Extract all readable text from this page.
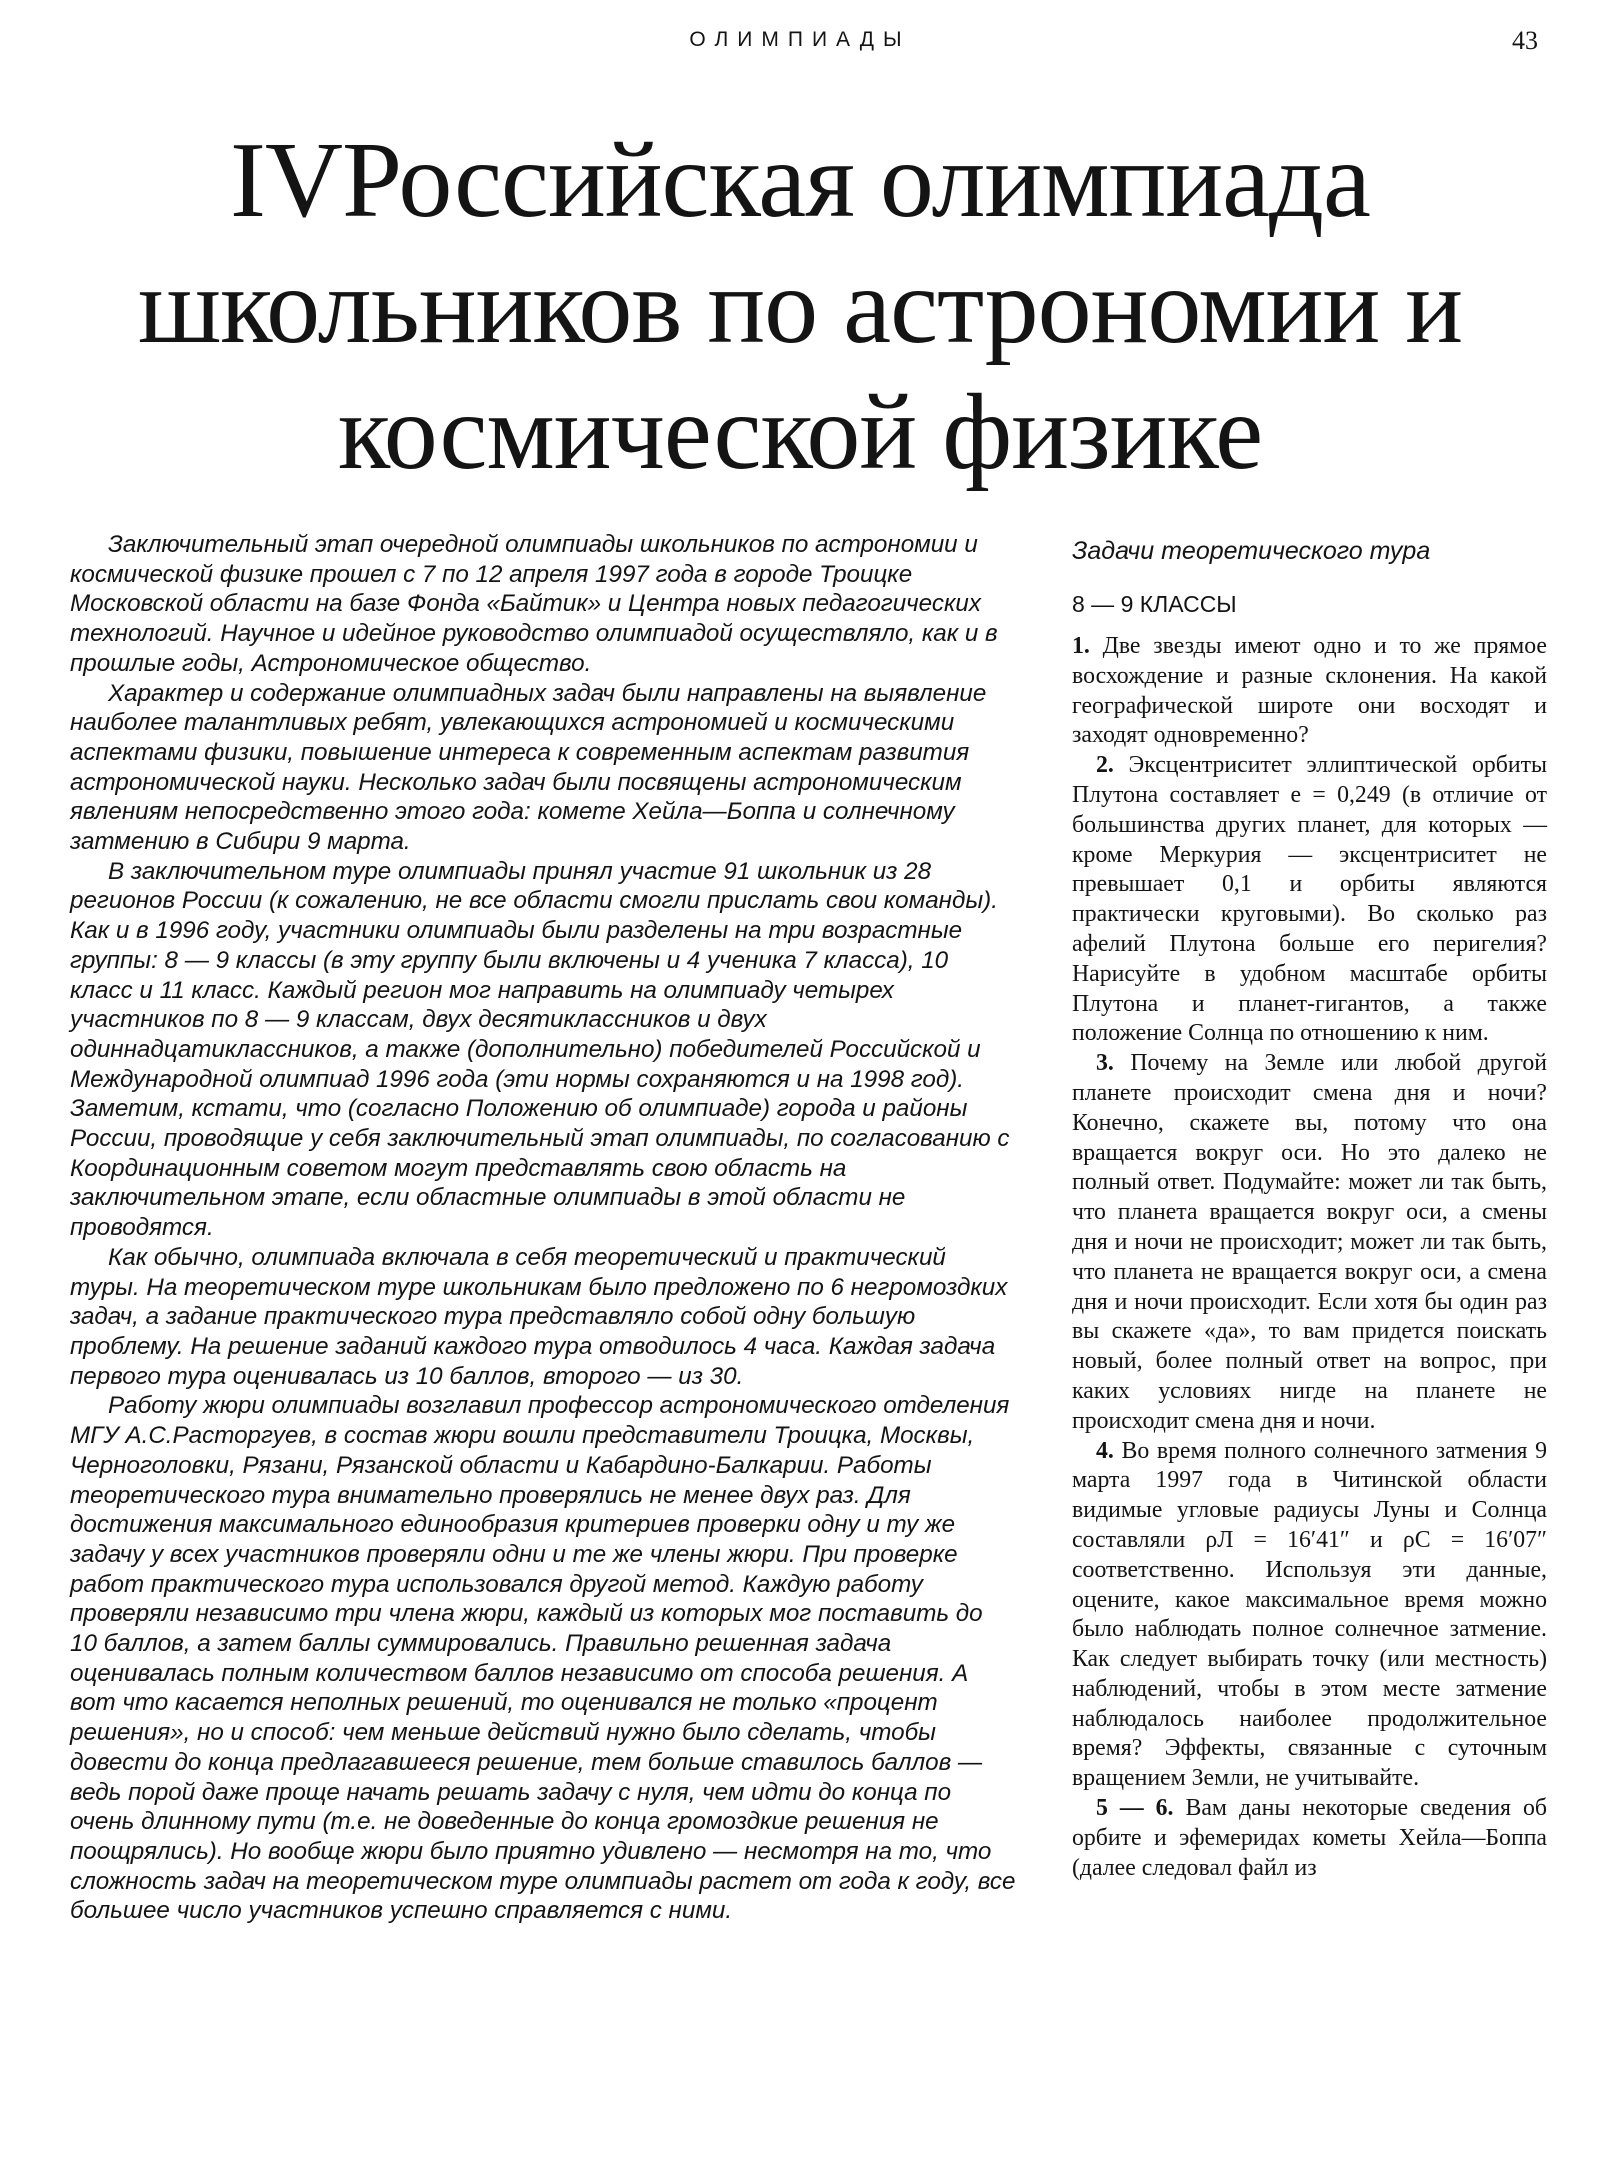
ОЛИМПИАДЫ	43
IVРоссийская олимпиада
школьников по астрономии и
космической физике

Заключительный этап очередной олимпиады школьников по астрономии и космической физике прошел с 7 по 12 апреля 1997 года в городе Троицке Московской области на базе Фонда «Байтик» и Центра новых педагогических технологий. Научное и идейное руководство олимпиадой осуществляло, как и в прошлые годы, Астрономическое общество.

Характер и содержание олимпиадных задач были направлены на выявление наиболее талантливых ребят, увлекающихся астрономией и космическими аспектами физики, повышение интереса к современным аспектам развития астрономической науки. Несколько задач были посвящены астрономическим явлениям непосредственно этого года: комете Хейла—Боппа и солнечному затмению в Сибири 9 марта.

В заключительном туре олимпиады принял участие 91 школьник из 28 регионов России (к сожалению, не все области смогли прислать свои команды). Как и в 1996 году, участники олимпиады были разделены на три возрастные группы: 8 — 9 классы (в эту группу были включены и 4 ученика 7 класса), 10 класс и 11 класс. Каждый регион мог направить на олимпиаду четырех участников по 8 — 9 классам, двух десятиклассников и двух одиннадцатиклассников, а также (дополнительно) победителей Российской и Международной олимпиад 1996 года (эти нормы сохраняются и на 1998 год). Заметим, кстати, что (согласно Положению об олимпиаде) города и районы России, проводящие у себя заключительный этап олимпиады, по согласованию с Координационным советом могут представлять свою область на заключительном этапе, если областные олимпиады в этой области не проводятся.

Как обычно, олимпиада включала в себя теоретический и практический туры. На теоретическом туре школьникам было предложено по 6 негромоздких задач, а задание практического тура представляло собой одну большую проблему. На решение заданий каждого тура отводилось 4 часа. Каждая задача первого тура оценивалась из 10 баллов, второго — из 30.

Работу жюри олимпиады возглавил профессор астрономического отделения МГУ А.С.Расторгуев, в состав жюри вошли представители Троицка, Москвы, Черноголовки, Рязани, Рязанской области и Кабардино-Балкарии. Работы теоретического тура внимательно проверялись не менее двух раз. Для достижения максимального единообразия критериев проверки одну и ту же задачу у всех участников проверяли одни и те же члены жюри. При проверке работ практического тура использовался другой метод. Каждую работу проверяли независимо три члена жюри, каждый из которых мог поставить до 10 баллов, а затем баллы суммировались. Правильно решенная задача оценивалась полным количеством баллов независимо от способа решения. А вот что касается неполных решений, то оценивался не только «процент решения», но и способ: чем меньше действий нужно было сделать, чтобы довести до конца предлагавшееся решение, тем больше ставилось баллов — ведь порой даже проще начать решать задачу с нуля, чем идти до конца по очень длинному пути (т.е. не доведенные до конца громоздкие решения не поощрялись). Но вообще жюри было приятно удивлено — несмотря на то, что сложность задач на теоретическом туре олимпиады растет от года к году, все большее число участников успешно справляется с ними.

Задачи теоретического тура

8 — 9 КЛАССЫ

1. Две звезды имеют одно и то же прямое восхождение и разные склонения. На какой географической широте они восходят и заходят одновременно?

2. Эксцентриситет эллиптической орбиты Плутона составляет e = 0,249 (в отличие от большинства других планет, для которых — кроме Меркурия — эксцентриситет не превышает 0,1 и орбиты являются практически круговыми). Во сколько раз афелий Плутона больше его перигелия? Нарисуйте в удобном масштабе орбиты Плутона и планет-гигантов, а также положение Солнца по отношению к ним.

3. Почему на Земле или любой другой планете происходит смена дня и ночи? Конечно, скажете вы, потому что она вращается вокруг оси. Но это далеко не полный ответ. Подумайте: может ли так быть, что планета вращается вокруг оси, а смены дня и ночи не происходит; может ли так быть, что планета не вращается вокруг оси, а смена дня и ночи происходит. Если хотя бы один раз вы скажете «да», то вам придется поискать новый, более полный ответ на вопрос, при каких условиях нигде на планете не происходит смена дня и ночи.

4. Во время полного солнечного затмения 9 марта 1997 года в Читинской области видимые угловые радиусы Луны и Солнца составляли ρЛ = 16′41″ и ρС = 16′07″ соответственно. Используя эти данные, оцените, какое максимальное время можно было наблюдать полное солнечное затмение. Как следует выбирать точку (или местность) наблюдений, чтобы в этом месте затмение наблюдалось наиболее продолжительное время? Эффекты, связанные с суточным вращением Земли, не учитывайте.

5 — 6. Вам даны некоторые сведения об орбите и эфемеридах кометы Хейла—Боппа (далее следовал файл из
